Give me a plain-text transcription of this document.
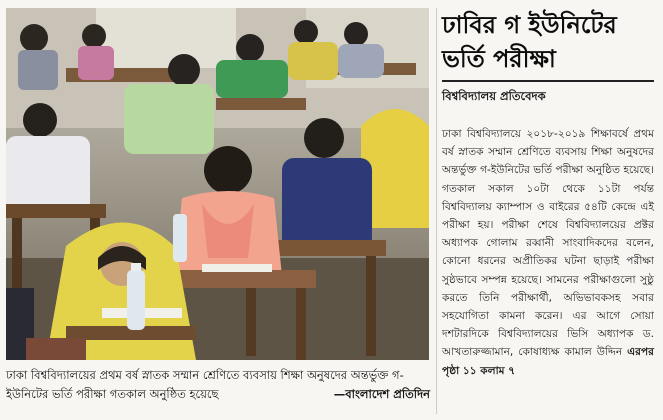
ঢাকা বিশ্ববিদ্যালয়ের প্রথম বর্ষ স্নাতক সম্মান শ্রেণিতে ব্যবসায় শিক্ষা অনুষদের অন্তর্ভুক্ত গ-ইউনিটের ভর্তি পরীক্ষা গতকাল অনুষ্ঠিত হয়েছে	—বাংলাদেশ প্রতিদিন
ঢাবির গ ইউনিটের
ভর্তি পরীক্ষা

বিশ্ববিদ্যালয় প্রতিবেদক

ঢাকা বিশ্ববিদ্যালয়ে ২০১৮-২০১৯ শিক্ষাবর্ষে প্রথম বর্ষ স্নাতক সম্মান শ্রেণিতে ব্যবসায় শিক্ষা অনুষদের অন্তর্ভুক্ত গ-ইউনিটের ভর্তি পরীক্ষা অনুষ্ঠিত হয়েছে। গতকাল সকাল ১০টা থেকে ১১টা পর্যন্ত বিশ্ববিদ্যালয় ক্যাম্পাস ও বাইরের ৫৪টি কেন্দ্রে এই পরীক্ষা হয়। পরীক্ষা শেষে বিশ্ববিদ্যালয়ের প্রক্টর অধ্যাপক গোলাম রব্বানী সাংবাদিকদের বলেন, কোনো ধরনের অপ্রীতিকর ঘটনা ছাড়াই পরীক্ষা সুষ্ঠভাবে সম্পন্ন হয়েছে। সামনের পরীক্ষাগুলো সুষ্ঠু করতে তিনি পরীক্ষার্থী, অভিভাবকসহ সবার সহযোগিতা কামনা করেন। এর আগে সোয়া দশটারদিকে বিশ্ববিদ্যালয়ের ভিসি অধ্যাপক ড. আখতারুজ্জামান, কোষাধ্যক্ষ কামাল উদ্দিন এরপর পৃষ্ঠা ১১ কলাম ৭
